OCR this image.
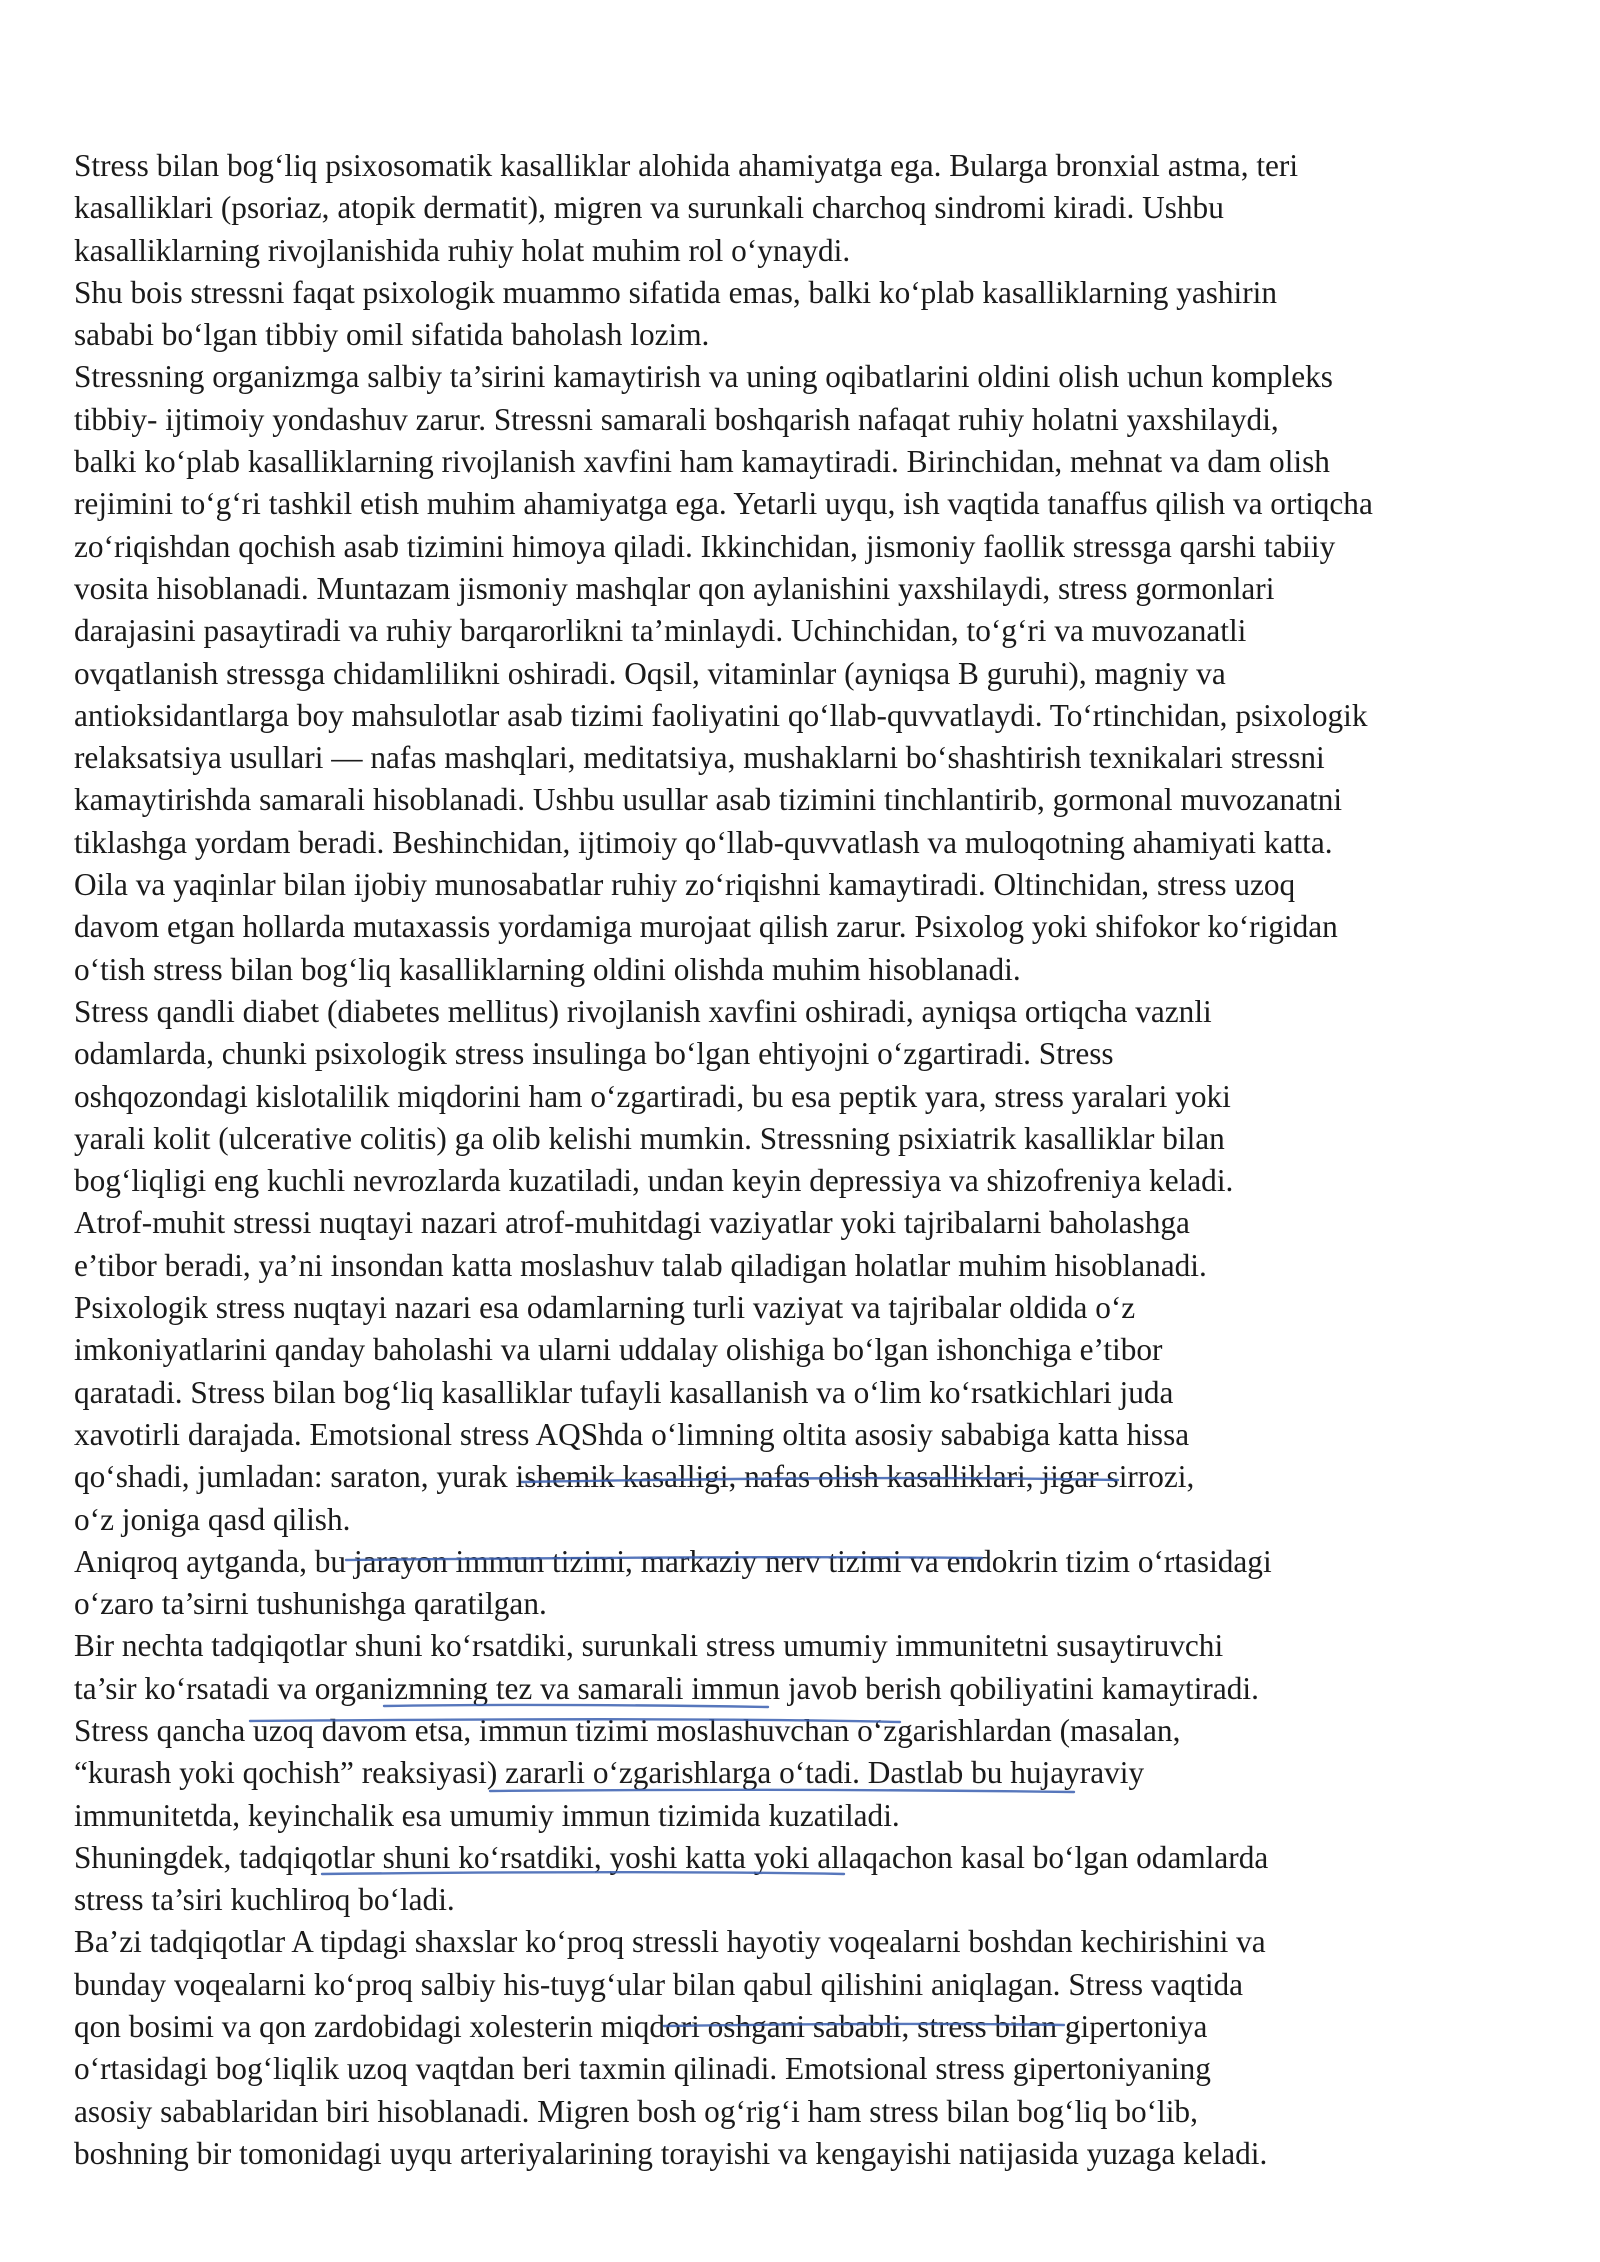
Stress bilan bog‘liq psixosomatik kasalliklar alohida ahamiyatga ega. Bularga bronxial astma, teri
kasalliklari (psoriaz, atopik dermatit), migren va surunkali charchoq sindromi kiradi. Ushbu
kasalliklarning rivojlanishida ruhiy holat muhim rol o‘ynaydi.

Shu bois stressni faqat psixologik muammo sifatida emas, balki ko‘plab kasalliklarning yashirin
sababi bo‘lgan tibbiy omil sifatida baholash lozim.

Stressning organizmga salbiy ta’sirini kamaytirish va uning oqibatlarini oldini olish uchun kompleks
tibbiy- ijtimoiy yondashuv zarur. Stressni samarali boshqarish nafaqat ruhiy holatni yaxshilaydi,
balki ko‘plab kasalliklarning rivojlanish xavfini ham kamaytiradi. Birinchidan, mehnat va dam olish
rejimini to‘g‘ri tashkil etish muhim ahamiyatga ega. Yetarli uyqu, ish vaqtida tanaffus qilish va ortiqcha
zo‘riqishdan qochish asab tizimini himoya qiladi. Ikkinchidan, jismoniy faollik stressga qarshi tabiiy
vosita hisoblanadi. Muntazam jismoniy mashqlar qon aylanishini yaxshilaydi, stress gormonlari
darajasini pasaytiradi va ruhiy barqarorlikni ta’minlaydi. Uchinchidan, to‘g‘ri va muvozanatli
ovqatlanish stressga chidamlilikni oshiradi. Oqsil, vitaminlar (ayniqsa B guruhi), magniy va
antioksidantlarga boy mahsulotlar asab tizimi faoliyatini qo‘llab-quvvatlaydi. To‘rtinchidan, psixologik
relaksatsiya usullari — nafas mashqlari, meditatsiya, mushaklarni bo‘shashtirish texnikalari stressni
kamaytirishda samarali hisoblanadi. Ushbu usullar asab tizimini tinchlantirib, gormonal muvozanatni
tiklashga yordam beradi. Beshinchidan, ijtimoiy qo‘llab-quvvatlash va muloqotning ahamiyati katta.
Oila va yaqinlar bilan ijobiy munosabatlar ruhiy zo‘riqishni kamaytiradi. Oltinchidan, stress uzoq
davom etgan hollarda mutaxassis yordamiga murojaat qilish zarur. Psixolog yoki shifokor ko‘rigidan
o‘tish stress bilan bog‘liq kasalliklarning oldini olishda muhim hisoblanadi.

Stress qandli diabet (diabetes mellitus) rivojlanish xavfini oshiradi, ayniqsa ortiqcha vaznli
odamlarda, chunki psixologik stress insulinga bo‘lgan ehtiyojni o‘zgartiradi. Stress
oshqozondagi kislotalilik miqdorini ham o‘zgartiradi, bu esa peptik yara, stress yaralari yoki
yarali kolit (ulcerative colitis) ga olib kelishi mumkin. Stressning psixiatrik kasalliklar bilan
bog‘liqligi eng kuchli nevrozlarda kuzatiladi, undan keyin depressiya va shizofreniya keladi.
Atrof-muhit stressi nuqtayi nazari atrof-muhitdagi vaziyatlar yoki tajribalarni baholashga
e’tibor beradi, ya’ni insondan katta moslashuv talab qiladigan holatlar muhim hisoblanadi.
Psixologik stress nuqtayi nazari esa odamlarning turli vaziyat va tajribalar oldida o‘z
imkoniyatlarini qanday baholashi va ularni uddalay olishiga bo‘lgan ishonchiga e’tibor
qaratadi. Stress bilan bog‘liq kasalliklar tufayli kasallanish va o‘lim ko‘rsatkichlari juda
xavotirli darajada. Emotsional stress AQShda o‘limning oltita asosiy sababiga katta hissa
qo‘shadi, jumladan: saraton, yurak ishemik kasalligi, nafas olish kasalliklari, jigar sirrozi,
o‘z joniga qasd qilish.

Aniqroq aytganda, bu jarayon immun tizimi, markaziy nerv tizimi va endokrin tizim o‘rtasidagi
o‘zaro ta’sirni tushunishga qaratilgan.

Bir nechta tadqiqotlar shuni ko‘rsatdiki, surunkali stress umumiy immunitetni susaytiruvchi
ta’sir ko‘rsatadi va organizmning tez va samarali immun javob berish qobiliyatini kamaytiradi.
Stress qancha uzoq davom etsa, immun tizimi moslashuvchan o‘zgarishlardan (masalan,
“kurash yoki qochish” reaksiyasi) zararli o‘zgarishlarga o‘tadi. Dastlab bu hujayraviy
immunitetda, keyinchalik esa umumiy immun tizimida kuzatiladi.

Shuningdek, tadqiqotlar shuni ko‘rsatdiki, yoshi katta yoki allaqachon kasal bo‘lgan odamlarda
stress ta’siri kuchliroq bo‘ladi.

Ba’zi tadqiqotlar A tipdagi shaxslar ko‘proq stressli hayotiy voqealarni boshdan kechirishini va
bunday voqealarni ko‘proq salbiy his-tuyg‘ular bilan qabul qilishini aniqlagan. Stress vaqtida
qon bosimi va qon zardobidagi xolesterin miqdori oshgani sababli, stress bilan gipertoniya
o‘rtasidagi bog‘liqlik uzoq vaqtdan beri taxmin qilinadi. Emotsional stress gipertoniyaning
asosiy sabablaridan biri hisoblanadi. Migren bosh og‘rig‘i ham stress bilan bog‘liq bo‘lib,
boshning bir tomonidagi uyqu arteriyalarining torayishi va kengayishi natijasida yuzaga keladi.
